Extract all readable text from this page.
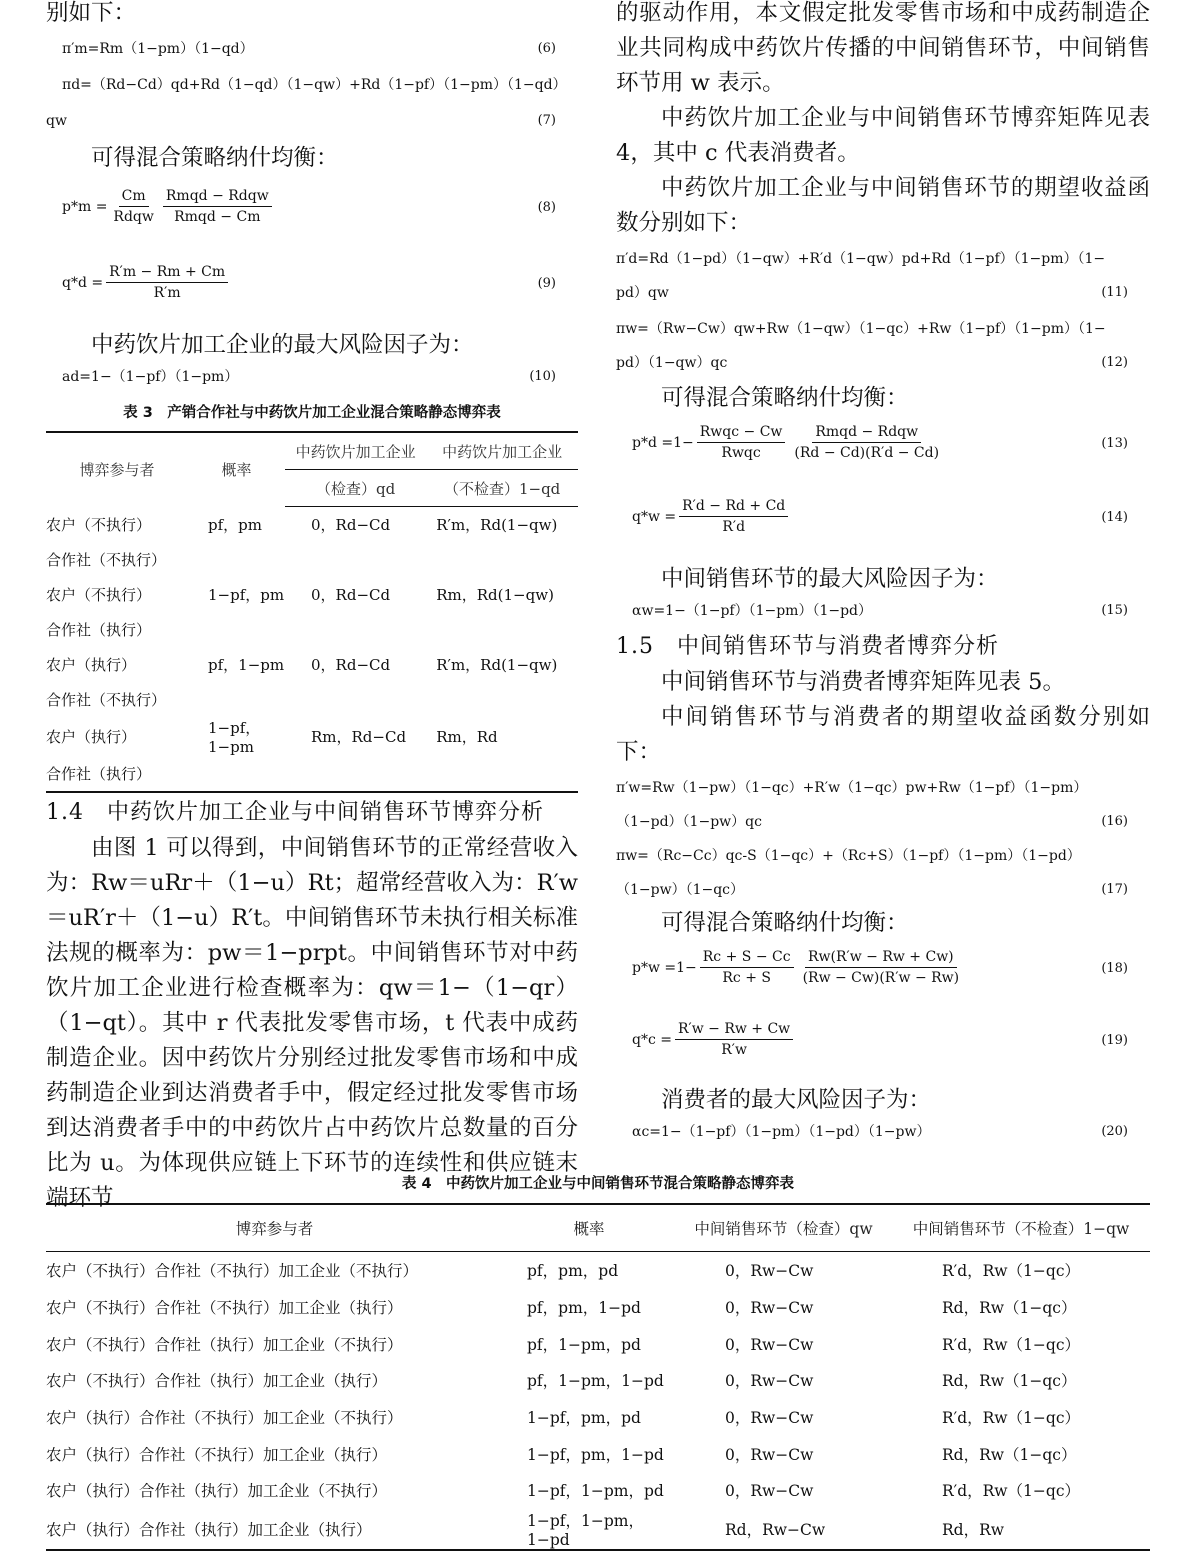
别如下：

π′m=Rm（1−pm）（1−qd）	(6)
πd=（Rd−Cd）qd+Rd（1−qd）（1−qw）+Rd（1−pf）（1−pm）（1−qd）
qw	(7)

可得混合策略纳什均衡：

$p*m = \frac{Cm}{\text{Rdqw}} \frac{\text{Rmqd − Rdqw}}{\text{Rmqd − Cm}}$	(8)
$q*d = \frac{R'm - Rm + Cm}{R'm}$	(9)

中药饮片加工企业的最大风险因子为：

ad=1−（1−pf）（1−pm）	(10)
表 3　产销合作社与中药饮片加工企业混合策略静态博弈表
博弈参与者	概率	中药饮片加工企业	中药饮片加工企业
		（检查）qd	（不检查）1−qd
农户（不执行）	pf，pm	0，Rd−Cd	R′m，Rd(1−qw)
合作社（不执行）			
农户（不执行）	1−pf，pm	0，Rd−Cd	Rm，Rd(1−qw)
合作社（执行）			
农户（执行）	pf，1−pm	0，Rd−Cd	R′m，Rd(1−qw)
合作社（不执行）			
农户（执行）	1−pf，1−pm	Rm，Rd−Cd	Rm，Rd
合作社（执行）			
1.4　中药饮片加工企业与中间销售环节博弈分析

由图 1 可以得到，中间销售环节的正常经营收入为：Rw＝uRr＋（1−u）Rt；超常经营收入为：R′w＝uR′r＋（1−u）R′t。中间销售环节未执行相关标准法规的概率为：pw＝1−prpt。中间销售环节对中药饮片加工企业进行检查概率为：qw＝1−（1−qr）（1−qt）。其中 r 代表批发零售市场，t 代表中成药制造企业。因中药饮片分别经过批发零售市场和中成药制造企业到达消费者手中，假定经过批发零售市场到达消费者手中的中药饮片占中药饮片总数量的百分比为 u。为体现供应链上下环节的连续性和供应链末端环节

的驱动作用，本文假定批发零售市场和中成药制造企业共同构成中药饮片传播的中间销售环节，中间销售环节用 w 表示。

中药饮片加工企业与中间销售环节博弈矩阵见表 4，其中 c 代表消费者。

中药饮片加工企业与中间销售环节的期望收益函数分别如下：

π′d=Rd（1−pd）（1−qw）+R′d（1−qw）pd+Rd（1−pf）（1−pm）（1−
pd）qw	(11)
πw=（Rw−Cw）qw+Rw（1−qw）（1−qc）+Rw（1−pf）（1−pm）（1−
pd）（1−qw）qc	(12)

可得混合策略纳什均衡：

$p*d =1- \frac{\text{Rwqc − Cw}}{\text{Rwqc}} \frac{\text{Rmqd − Rdqw}}{(Rd - Cd)(R'd - Cd)}$	(13)
$q*w = \frac{R'd - Rd + Cd}{R'd}$	(14)

中间销售环节的最大风险因子为：

αw=1−（1−pf）（1−pm）（1−pd）	(15)
1.5　中间销售环节与消费者博弈分析

中间销售环节与消费者博弈矩阵见表 5。

中间销售环节与消费者的期望收益函数分别如下：

π′w=Rw（1−pw）（1−qc）+R′w（1−qc）pw+Rw（1−pf）（1−pm）
（1−pd）（1−pw）qc	(16)
πw=（Rc−Cc）qc-S（1−qc）+（Rc+S）（1−pf）（1−pm）（1−pd）
（1−pw）（1−qc）	(17)

可得混合策略纳什均衡：

$p*w =1- \frac{Rc + S - Cc}{Rc + S} \frac{Rw(R'w - Rw + Cw)}{(Rw - Cw)(R'w - Rw)}$	(18)
$q*c = \frac{R'w - Rw + Cw}{R'w}$	(19)

消费者的最大风险因子为：

αc=1−（1−pf）（1−pm）（1−pd）（1−pw）	(20)
表 4　中药饮片加工企业与中间销售环节混合策略静态博弈表
博弈参与者	概率	中间销售环节（检查）qw	中间销售环节（不检查）1−qw
农户（不执行）合作社（不执行）加工企业（不执行）	pf，pm，pd	0，Rw−Cw	R′d，Rw（1−qc）
农户（不执行）合作社（不执行）加工企业（执行）	pf，pm，1−pd	0，Rw−Cw	Rd，Rw（1−qc）
农户（不执行）合作社（执行）加工企业（不执行）	pf，1−pm，pd	0，Rw−Cw	R′d，Rw（1−qc）
农户（不执行）合作社（执行）加工企业（执行）	pf，1−pm，1−pd	0，Rw−Cw	Rd，Rw（1−qc）
农户（执行）合作社（不执行）加工企业（不执行）	1−pf，pm，pd	0，Rw−Cw	R′d，Rw（1−qc）
农户（执行）合作社（不执行）加工企业（执行）	1−pf，pm，1−pd	0，Rw−Cw	Rd，Rw（1−qc）
农户（执行）合作社（执行）加工企业（不执行）	1−pf，1−pm，pd	0，Rw−Cw	R′d，Rw（1−qc）
农户（执行）合作社（执行）加工企业（执行）	1−pf，1−pm，1−pd	Rd，Rw−Cw	Rd，Rw
